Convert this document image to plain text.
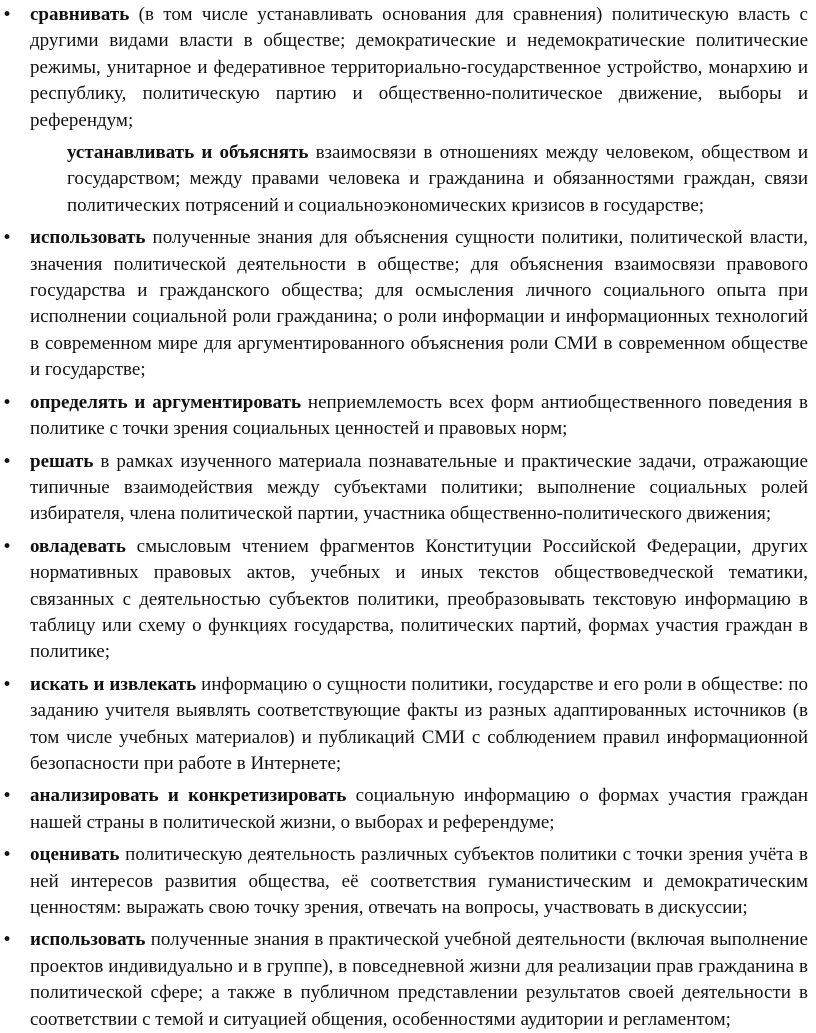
• сравнивать (в том числе устанавливать основания для сравнения) политическую власть с другими видами власти в обществе; демократические и недемократические политические режимы, унитарное и федеративное территориально-государственное устройство, монархию и республику, политическую партию и общественно-политическое движение, выборы и референдум;
устанавливать и объяснять взаимосвязи в отношениях между человеком, обществом и государством; между правами человека и гражданина и обязанностями граждан, связи политических потрясений и социальноэкономических кризисов в государстве;
• использовать полученные знания для объяснения сущности политики, политической власти, значения политической деятельности в обществе; для объяснения взаимосвязи правового государства и гражданского общества; для осмысления личного социального опыта при исполнении социальной роли гражданина; о роли информации и информационных технологий в современном мире для аргументированного объяснения роли СМИ в современном обществе и государстве;
• определять и аргументировать неприемлемость всех форм антиобщественного поведения в политике с точки зрения социальных ценностей и правовых норм;
• решать в рамках изученного материала познавательные и практические задачи, отражающие типичные взаимодействия между субъектами политики; выполнение социальных ролей избирателя, члена политической партии, участника общественно-политического движения;
• овладевать смысловым чтением фрагментов Конституции Российской Федерации, других нормативных правовых актов, учебных и иных текстов обществоведческой тематики, связанных с деятельностью субъектов политики, преобразовывать текстовую информацию в таблицу или схему о функциях государства, политических партий, формах участия граждан в политике;
• искать и извлекать информацию о сущности политики, государстве и его роли в обществе: по заданию учителя выявлять соответствующие факты из разных адаптированных источников (в том числе учебных материалов) и публикаций СМИ с соблюдением правил информационной безопасности при работе в Интернете;
• анализировать и конкретизировать социальную информацию о формах участия граждан нашей страны в политической жизни, о выборах и референдуме;
• оценивать политическую деятельность различных субъектов политики с точки зрения учёта в ней интересов развития общества, её соответствия гуманистическим и демократическим ценностям: выражать свою точку зрения, отвечать на вопросы, участвовать в дискуссии;
• использовать полученные знания в практической учебной деятельности (включая выполнение проектов индивидуально и в группе), в повседневной жизни для реализации прав гражданина в политической сфере; а также в публичном представлении результатов своей деятельности в соответствии с темой и ситуацией общения, особенностями аудитории и регламентом;
